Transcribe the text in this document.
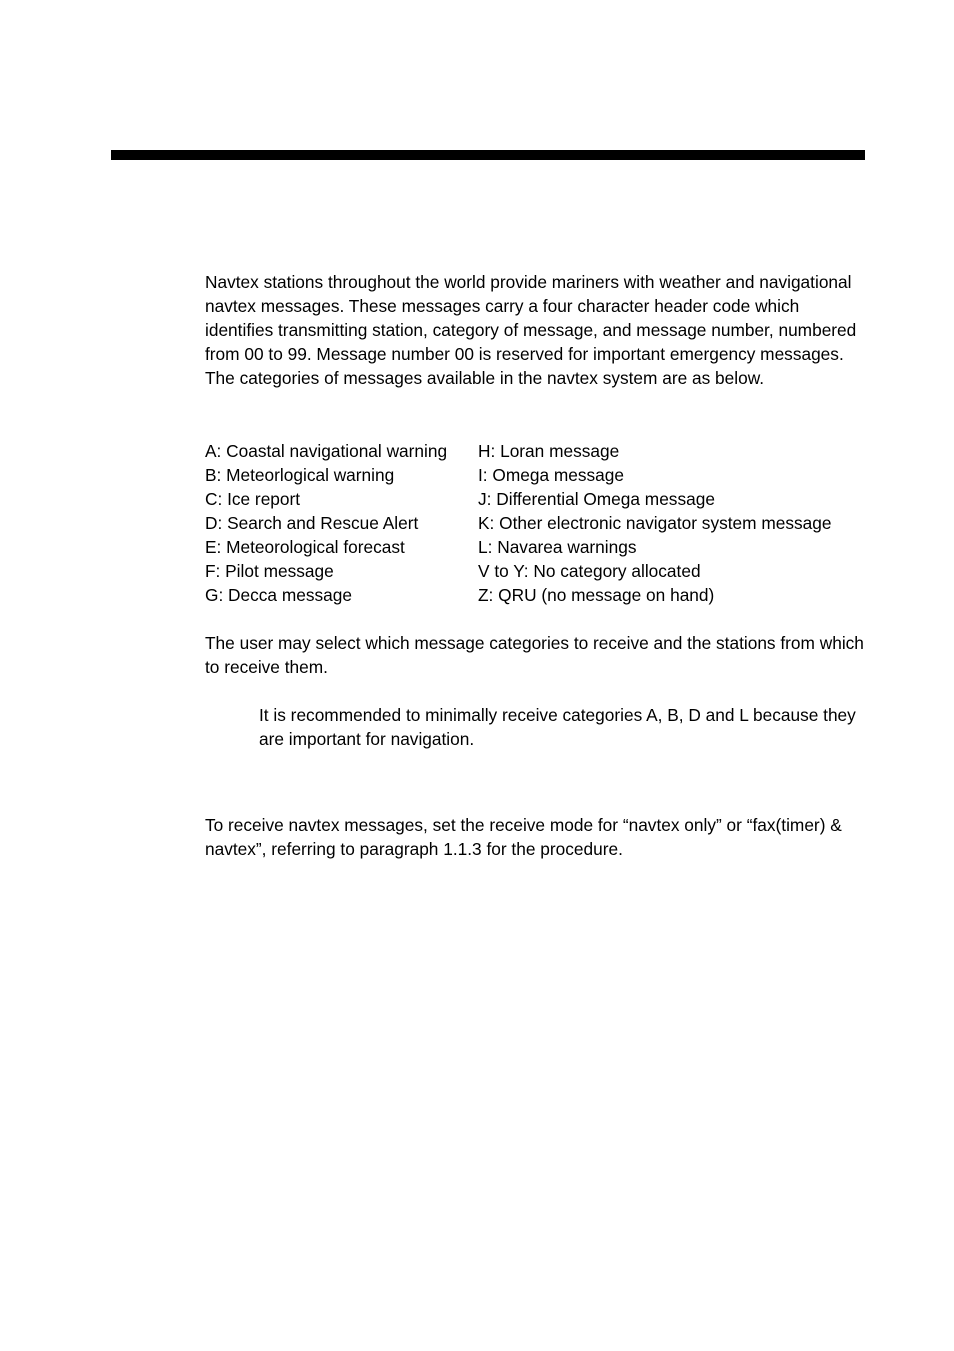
Navtex stations throughout the world provide mariners with weather and navigational navtex messages. These messages carry a four character header code which identifies transmitting station, category of message, and message number, numbered from 00 to 99. Message number 00 is reserved for important emergency messages. The categories of messages available in the navtex system are as below.

A: Coastal navigational warning	H: Loran message
B: Meteorlogical warning	I: Omega message
C: Ice report	J: Differential Omega message
D: Search and Rescue Alert	K: Other electronic navigator system message
E: Meteorological forecast	L: Navarea warnings
F: Pilot message	V to Y: No category allocated
G: Decca message	Z: QRU (no message on hand)

The user may select which message categories to receive and the stations from which to receive them.

It is recommended to minimally receive categories A, B, D and L because they are important for navigation.

To receive navtex messages, set the receive mode for “navtex only” or “fax(timer) & navtex”, referring to paragraph 1.1.3 for the procedure.
